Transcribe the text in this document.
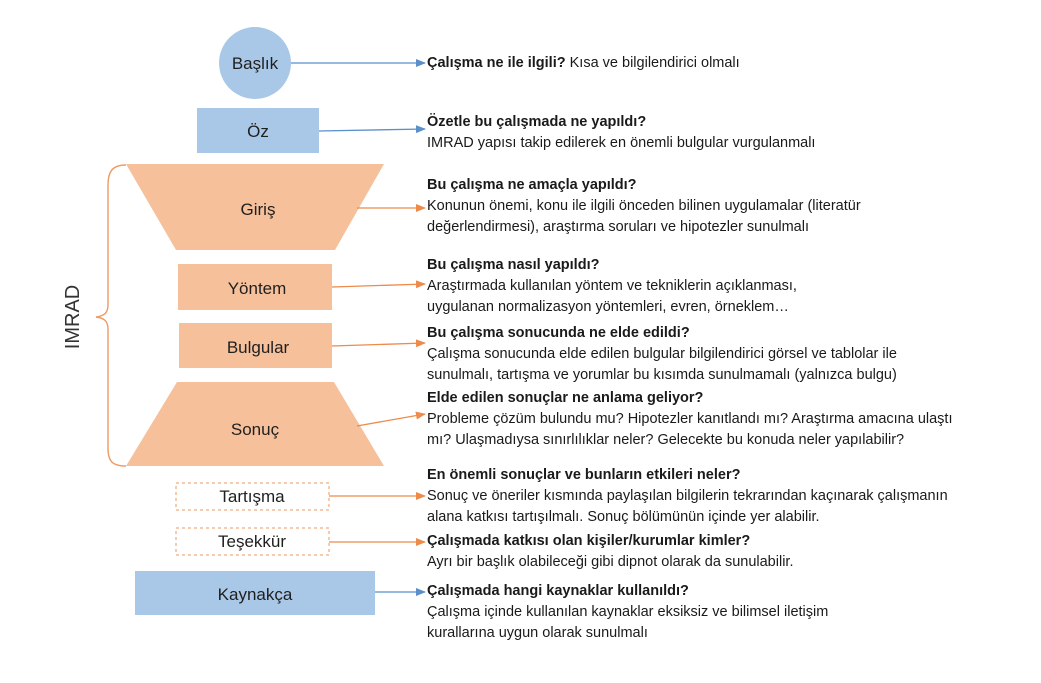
Başlık
Öz
Giriş
Yöntem
Bulgular
Sonuç
IMRAD
Tartışma
Teşekkür
Kaynakça
Çalışma ne ile ilgili? Kısa ve bilgilendirici olmalı
Özetle bu çalışmada ne yapıldı?
IMRAD yapısı takip edilerek en önemli bulgular vurgulanmalı
Bu çalışma ne amaçla yapıldı?
Konunun önemi, konu ile ilgili önceden bilinen uygulamalar (literatür
değerlendirmesi), araştırma soruları ve hipotezler sunulmalı
Bu çalışma nasıl yapıldı?
Araştırmada kullanılan yöntem ve tekniklerin açıklanması,
uygulanan normalizasyon yöntemleri, evren, örneklem…
Bu çalışma sonucunda ne elde edildi?
Çalışma sonucunda elde edilen bulgular bilgilendirici görsel ve tablolar ile
sunulmalı, tartışma ve yorumlar bu kısımda sunulmamalı (yalnızca bulgu)
Elde edilen sonuçlar ne anlama geliyor?
Probleme çözüm bulundu mu? Hipotezler kanıtlandı mı? Araştırma amacına ulaştı
mı? Ulaşmadıysa sınırlılıklar neler? Gelecekte bu konuda neler yapılabilir?
En önemli sonuçlar ve bunların etkileri neler?
Sonuç ve öneriler kısmında paylaşılan bilgilerin tekrarından kaçınarak çalışmanın
alana katkısı tartışılmalı. Sonuç bölümünün içinde yer alabilir.
Çalışmada katkısı olan kişiler/kurumlar kimler?
Ayrı bir başlık olabileceği gibi dipnot olarak da sunulabilir.
Çalışmada hangi kaynaklar kullanıldı?
Çalışma içinde kullanılan kaynaklar eksiksiz ve bilimsel iletişim
kurallarına uygun olarak sunulmalı
